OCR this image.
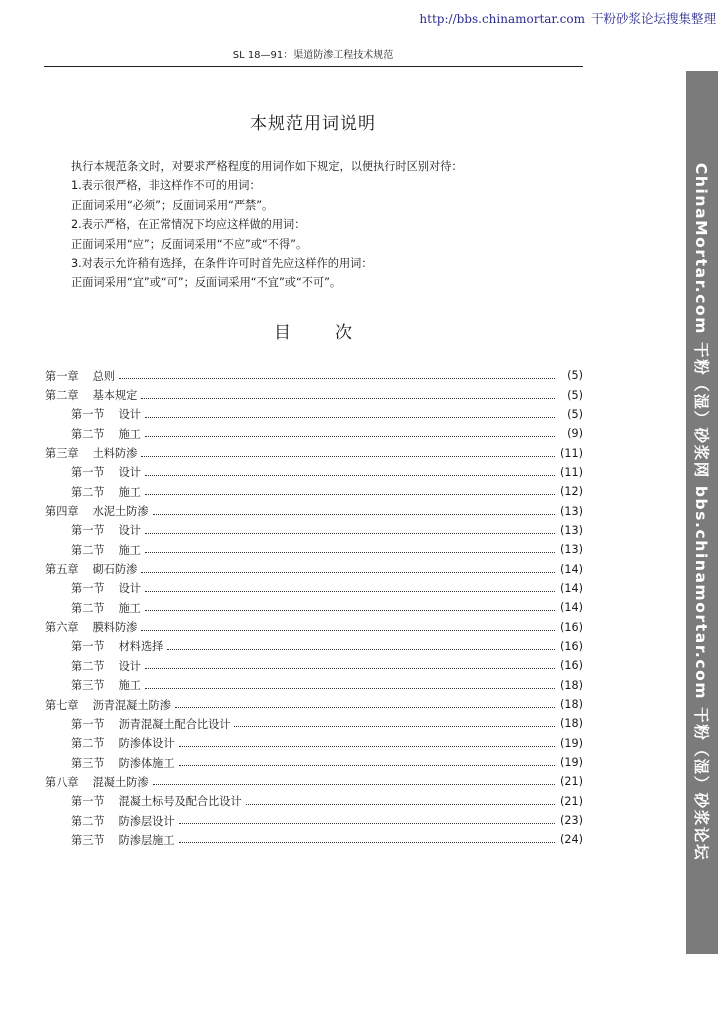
http://bbs.chinamortar.com 干粉砂浆论坛搜集整理
SL 18—91：渠道防渗工程技术规范
本规范用词说明

执行本规范条文时，对要求严格程度的用词作如下规定，以便执行时区别对待：

1.表示很严格，非这样作不可的用词：

正面词采用“必须”；反面词采用“严禁”。

2.表示严格，在正常情况下均应这样做的用词：

正面词采用“应”；反面词采用“不应”或“不得”。

3.对表示允许稍有选择，在条件许可时首先应这样作的用词：

正面词采用“宜”或“可”；反面词采用“不宜”或“不可”。

目	次
第一章 总则	(5)
第二章 基本规定	(5)
第一节 设计	(5)
第二节 施工	(9)
第三章 土料防渗	(11)
第一节 设计	(11)
第二节 施工	(12)
第四章 水泥土防渗	(13)
第一节 设计	(13)
第二节 施工	(13)
第五章 砌石防渗	(14)
第一节 设计	(14)
第二节 施工	(14)
第六章 膜料防渗	(16)
第一节 材料选择	(16)
第二节 设计	(16)
第三节 施工	(18)
第七章 沥青混凝土防渗	(18)
第一节 沥青混凝土配合比设计	(18)
第二节 防渗体设计	(19)
第三节 防渗体施工	(19)
第八章 混凝土防渗	(21)
第一节 混凝土标号及配合比设计	(21)
第二节 防渗层设计	(23)
第三节 防渗层施工	(24)	ChinaMortar.com 干粉（湿）砂浆网 bbs.chinamortar.com 干粉（湿）砂浆论坛
